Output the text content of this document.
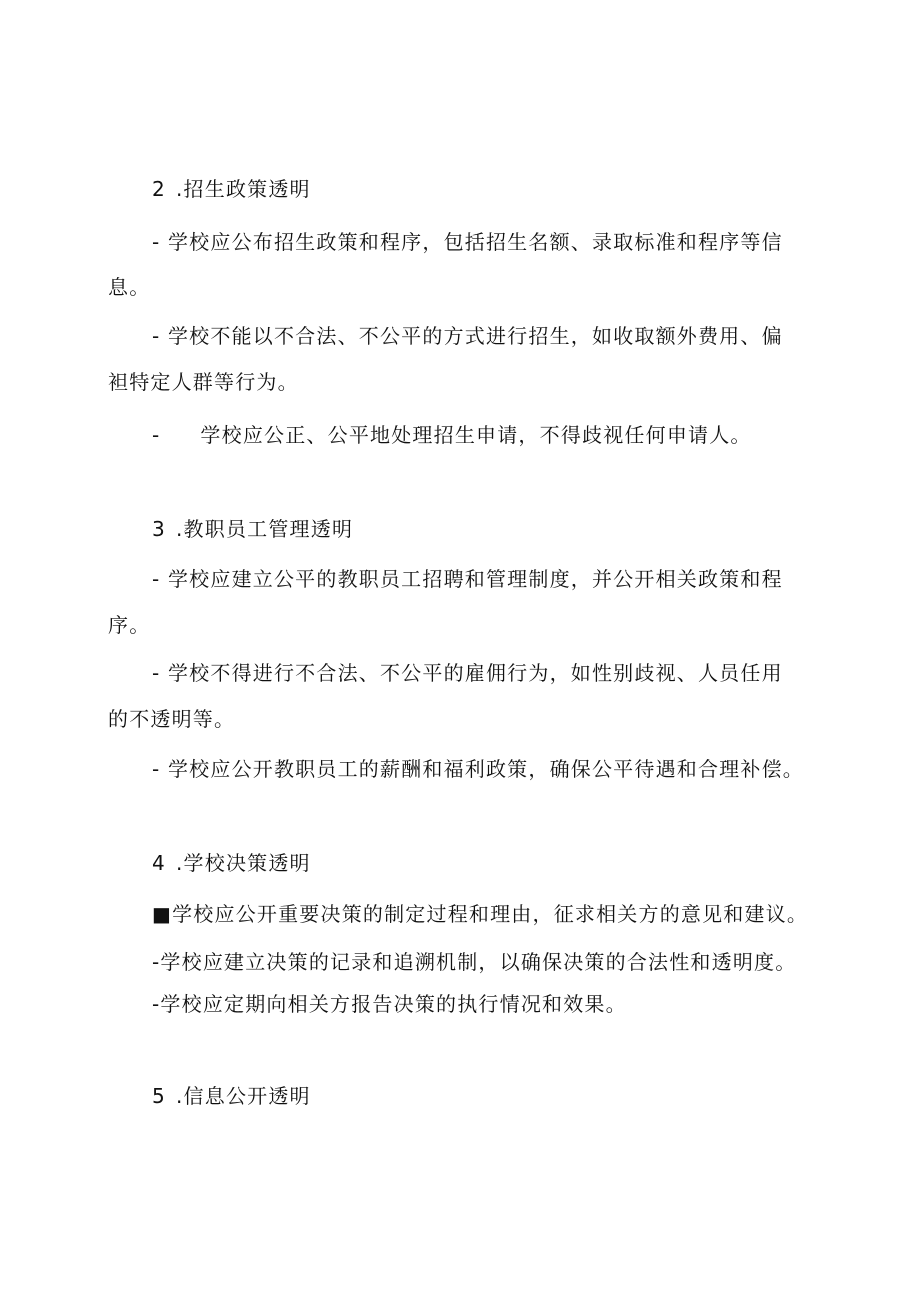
2 .招生政策透明
- 学校应公布招生政策和程序，包括招生名额、录取标准和程序等信
息。
- 学校不能以不合法、不公平的方式进行招生，如收取额外费用、偏
袒特定人群等行为。
- 学校应公正、公平地处理招生申请，不得歧视任何申请人。
3 .教职员工管理透明
- 学校应建立公平的教职员工招聘和管理制度，并公开相关政策和程
序。
- 学校不得进行不合法、不公平的雇佣行为，如性别歧视、人员任用
的不透明等。
- 学校应公开教职员工的薪酬和福利政策，确保公平待遇和合理补偿。
4 .学校决策透明
■学校应公开重要决策的制定过程和理由，征求相关方的意见和建议。
-学校应建立决策的记录和追溯机制，以确保决策的合法性和透明度。
-学校应定期向相关方报告决策的执行情况和效果。
5 .信息公开透明
